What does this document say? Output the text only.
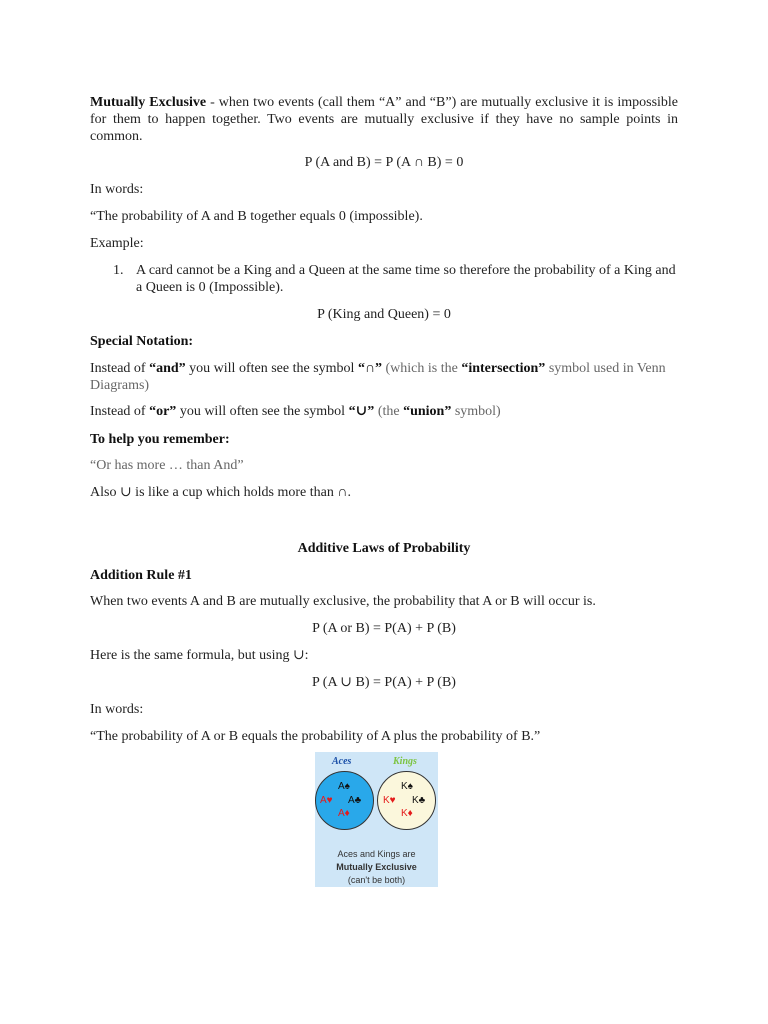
Mutually Exclusive - when two events (call them “A” and “B”) are mutually exclusive it is impossible for them to happen together. Two events are mutually exclusive if they have no sample points in common.
P (A and B) = P (A ∩ B) = 0
In words:
“The probability of A and B together equals 0 (impossible).
Example:
1. A card cannot be a King and a Queen at the same time so therefore the probability of a King and a Queen is 0 (Impossible).
P (King and Queen) = 0
Special Notation:
Instead of “and” you will often see the symbol “∩” (which is the “intersection” symbol used in Venn Diagrams)
Instead of “or” you will often see the symbol “∪” (the “union” symbol)
To help you remember:
“Or has more … than And”
Also ∪ is like a cup which holds more than ∩.
Additive Laws of Probability
Addition Rule #1
When two events A and B are mutually exclusive, the probability that A or B will occur is.
P (A or B) = P(A) + P (B)
Here is the same formula, but using ∪:
P (A ∪ B) = P(A) + P (B)
In words:
“The probability of A or B equals the probability of A plus the probability of B.”
Aces	Kings
A♠
A♥ A♣
A♦
K♠
K♥ K♣
K♦
Aces and Kings are
Mutually Exclusive
(can't be both)
